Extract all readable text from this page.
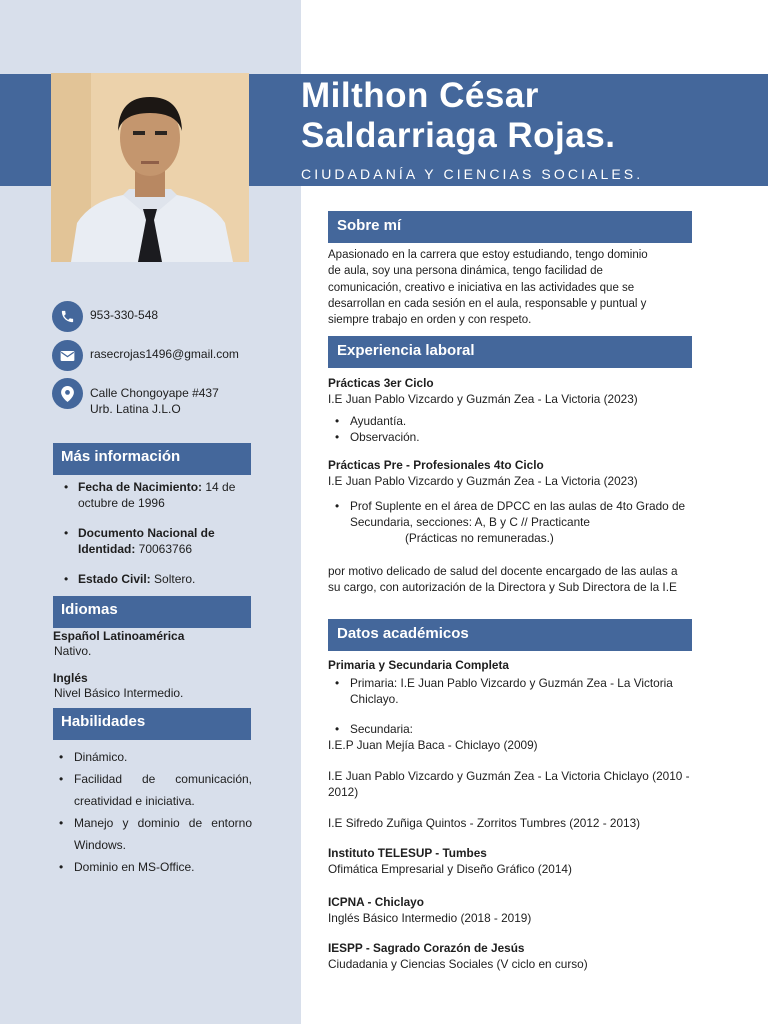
Milthon César
Saldarriaga Rojas.
CIUDADANÍA Y CIENCIAS SOCIALES.
953-330-548
rasecrojas1496@gmail.com
Calle Chongoyape #437
Urb. Latina J.L.O
Más información
• Fecha de Nacimiento: 14 de octubre de 1996
• Documento Nacional de Identidad: 70063766
• Estado Civil: Soltero.
Idiomas
Español Latinoamérica
Nativo.
Inglés
Nivel Básico Intermedio.
Habilidades
• Dinámico.
• Facilidad de comunicación, creatividad e iniciativa.
• Manejo y dominio de entorno Windows.
• Dominio en MS-Office.
Sobre mí
Apasionado en la carrera que estoy estudiando, tengo dominio
de aula, soy una persona dinámica, tengo facilidad de
comunicación, creativo e iniciativa en las actividades que se
desarrollan en cada sesión en el aula, responsable y puntual y
siempre trabajo en orden y con respeto.
Experiencia laboral
Prácticas 3er Ciclo
I.E Juan Pablo Vizcardo y Guzmán Zea - La Victoria (2023)
• Ayudantía.
• Observación.
Prácticas Pre - Profesionales 4to Ciclo
I.E Juan Pablo Vizcardo y Guzmán Zea - La Victoria (2023)
• Prof Suplente en el área de DPCC en las aulas de 4to Grado de
Secundaria, secciones: A, B y C // Practicante
(Prácticas no remuneradas.)
por motivo delicado de salud del docente encargado de las aulas a
su cargo, con autorización de la Directora y Sub Directora de la I.E
Datos académicos
Primaria y Secundaria Completa
• Primaria: I.E Juan Pablo Vizcardo y Guzmán Zea - La Victoria
Chiclayo.
• Secundaria:
I.E.P Juan Mejía Baca - Chiclayo (2009)
I.E Juan Pablo Vizcardo y Guzmán Zea - La Victoria Chiclayo (2010 -
2012)
I.E Sifredo Zuñiga Quintos - Zorritos Tumbres (2012 - 2013)
Instituto TELESUP - Tumbes
Ofimática Empresarial y Diseño Gráfico (2014)
ICPNA - Chiclayo
Inglés Básico Intermedio (2018 - 2019)
IESPP - Sagrado Corazón de Jesús
Ciudadania y Ciencias Sociales (V ciclo en curso)
